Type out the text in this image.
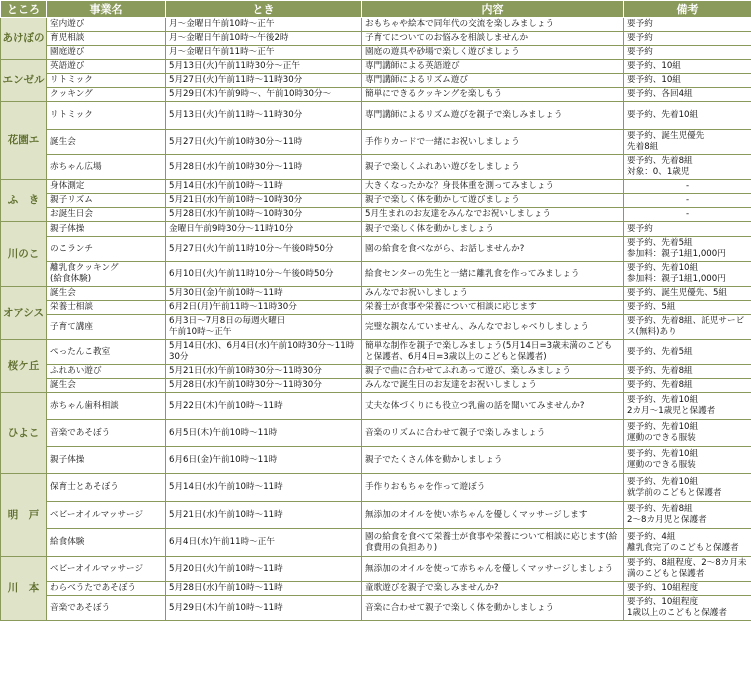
ところ	事業名	とき	内容	備考
あけぼの	室内遊び	月～金曜日午前10時～正午	おもちゃや絵本で同年代の交流を楽しみましょう	要予約
	育児相談	月～金曜日午前10時～午後2時	子育てについてのお悩みを相談しませんか	要予約
	園庭遊び	月～金曜日午前11時～正午	園庭の遊具や砂場で楽しく遊びましょう	要予約
エンゼル	英語遊び	5月13日(火)午前11時30分～正午	専門講師による英語遊び	要予約、10組
	リトミック	5月27日(火)午前11時～11時30分	専門講師によるリズム遊び	要予約、10組
	クッキング	5月29日(木)午前9時～、午前10時30分～	簡単にできるクッキングを楽しもう	要予約、各回4組
花園エ	リトミック	5月13日(火)午前11時～11時30分	専門講師によるリズム遊びを親子で楽しみましょう	要予約、先着10組
	誕生会	5月27日(火)午前10時30分～11時	手作りカードで一緒にお祝いしましょう	要予約、誕生児優先
先着8組
	赤ちゃん広場	5月28日(水)午前10時30分～11時	親子で楽しくふれあい遊びをしましょう	要予約、先着8組
対象：0、1歳児
ふ　き	身体測定	5月14日(水)午前10時～11時	大きくなったかな？身長体重を測ってみましょう	-
	親子リズム	5月21日(水)午前10時～10時30分	親子で楽しく体を動かして遊びましょう	-
	お誕生日会	5月28日(水)午前10時～10時30分	5月生まれのお友達をみんなでお祝いしましょう	-
川のこ	親子体操	金曜日午前9時30分～11時10分	親子で楽しく体を動かしましょう	要予約
	のこランチ	5月27日(火)午前11時10分～午後0時50分	園の給食を食べながら、お話しませんか?	要予約、先着5組
参加料：親子1組1,000円
	離乳食クッキング
(給食体験)	6月10日(火)午前11時10分～午後0時50分	給食センターの先生と一緒に離乳食を作ってみましょう	要予約、先着10組
参加料：親子1組1,000円
オアシス	誕生会	5月30日(金)午前10時～11時	みんなでお祝いしましょう	要予約、誕生児優先、5組
	栄養士相談	6月2日(月)午前11時～11時30分	栄養士が食事や栄養について相談に応じます	要予約、5組
	子育て講座	6月3日～7月8日の毎週火曜日
午前10時～正午	完璧な親なんていません、みんなでおしゃべりしましょう	要予約、先着8組、託児サービス(無料)あり
桜ケ丘	ぺったんこ教室	5月14日(水)、6月4日(水)午前10時30分～11時30分	簡単な制作を親子で楽しみましょう(5月14日=3歳未満のこどもと保護者、6月4日=3歳以上のこどもと保護者)	要予約、先着5組
	ふれあい遊び	5月21日(水)午前10時30分～11時30分	親子で曲に合わせてふれあって遊び、楽しみましょう	要予約、先着8組
	誕生会	5月28日(水)午前10時30分～11時30分	みんなで誕生日のお友達をお祝いしましょう	要予約、先着8組
ひよこ	赤ちゃん歯科相談	5月22日(木)午前10時～11時	丈夫な体づくりにも役立つ乳歯の話を聞いてみませんか?	要予約、先着10組
2カ月～1歳児と保護者
	音楽であそぼう	6月5日(木)午前10時～11時	音楽のリズムに合わせて親子で楽しみましょう	要予約、先着10組
運動のできる服装
	親子体操	6月6日(金)午前10時～11時	親子でたくさん体を動かしましょう	要予約、先着10組
運動のできる服装
明　戸	保育士とあそぼう	5月14日(水)午前10時～11時	手作りおもちゃを作って遊ぼう	要予約、先着10組
就学前のこどもと保護者
	ベビーオイルマッサージ	5月21日(水)午前10時～11時	無添加のオイルを使い赤ちゃんを優しくマッサージします	要予約、先着8組
2～8カ月児と保護者
	給食体験	6月4日(水)午前11時～正午	園の給食を食べて栄養士が食事や栄養について相談に応じます(給食費用の負担あり)	要予約、4組
離乳食完了のこどもと保護者
川　本	ベビーオイルマッサージ	5月20日(火)午前10時～11時	無添加のオイルを使って赤ちゃんを優しくマッサージしましょう	要予約、8組程度、2～8カ月未満のこどもと保護者
	わらべうたであそぼう	5月28日(水)午前10時～11時	童歌遊びを親子で楽しみませんか?	要予約、10組程度
	音楽であそぼう	5月29日(木)午前10時～11時	音楽に合わせて親子で楽しく体を動かしましょう	要予約、10組程度
1歳以上のこどもと保護者
